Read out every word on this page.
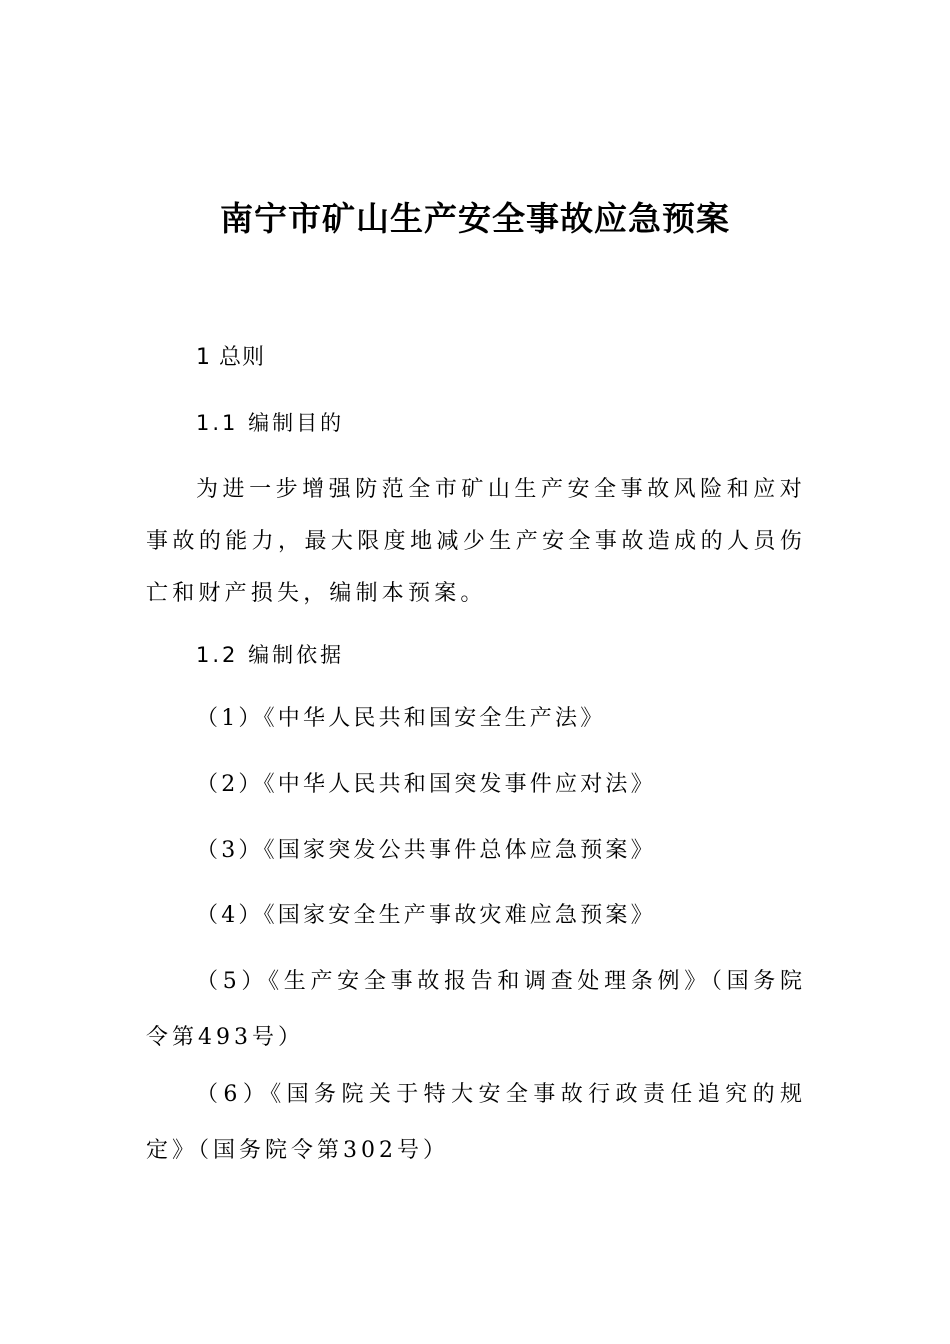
南宁市矿山生产安全事故应急预案
1 总则
1.1 编制目的
为进一步增强防范全市矿山生产安全事故风险和应对事故的能力，最大限度地减少生产安全事故造成的人员伤亡和财产损失，编制本预案。
1.2 编制依据
（1）《中华人民共和国安全生产法》
（2）《中华人民共和国突发事件应对法》
（3）《国家突发公共事件总体应急预案》
（4）《国家安全生产事故灾难应急预案》
（5）《生产安全事故报告和调查处理条例》（国务院令第493号）
（6）《国务院关于特大安全事故行政责任追究的规定》（国务院令第302号）
